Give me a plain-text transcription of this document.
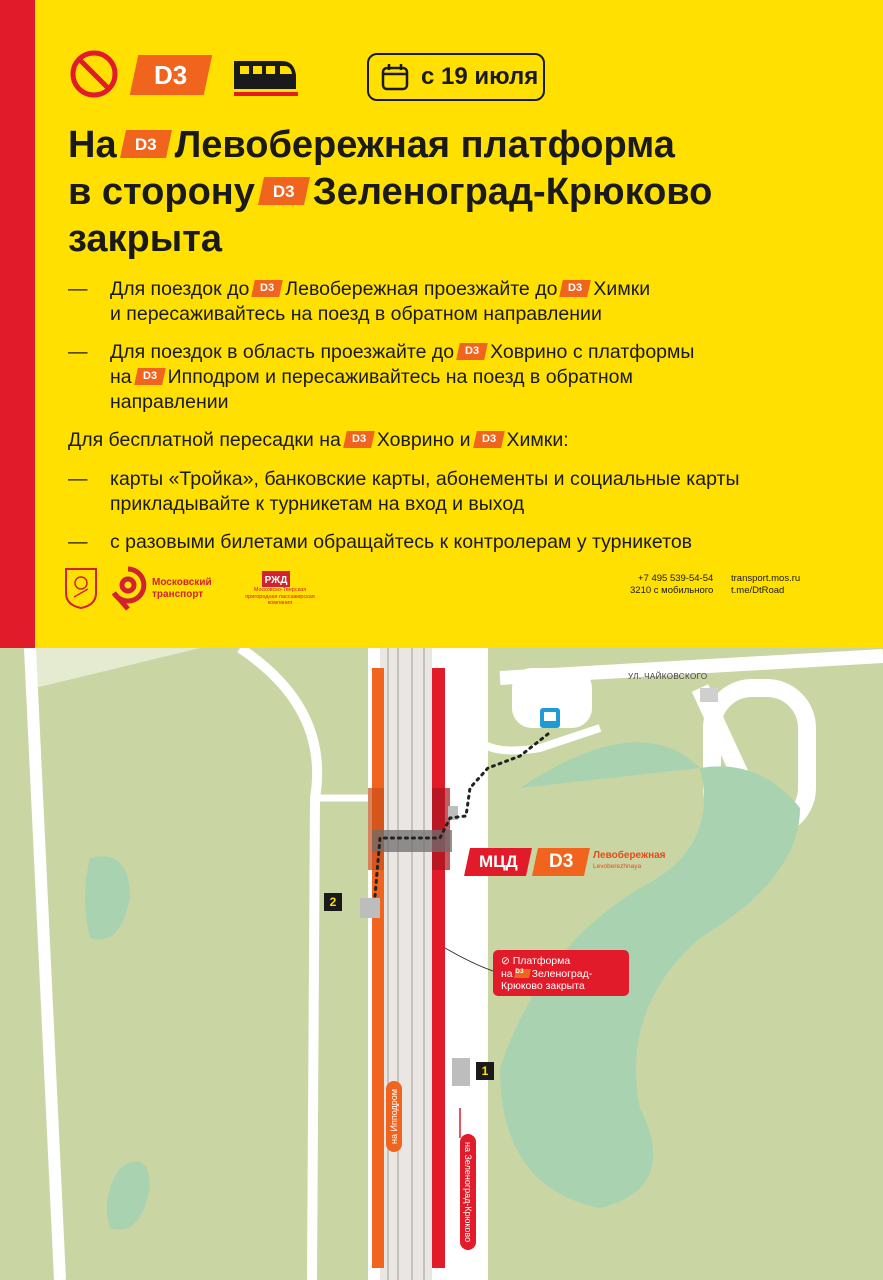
D3	с 19 июля
На D3 Левобережная платформа
в сторону D3 Зеленоград-Крюково
закрыта
— Для поездок до D3 Левобережная проезжайте до D3 Химки
и пересаживайтесь на поезд в обратном направлении
— Для поездок в область проезжайте до D3 Ховрино с платформы
на D3 Ипподром и пересаживайтесь на поезд в обратном
направлении
Для бесплатной пересадки на D3 Ховрино и D3 Химки:
— карты «Тройка», банковские карты, абонементы и социальные карты прикладывайте к турникетам на вход и выход
— с разовыми билетами обращайтесь к контролерам у турникетов
Московский
транспорт
РЖД
Московско-Тверская пригородная пассажирская компания
+7 495 539-54-54
3210 с мобильного
transport.mos.ru
t.me/DtRoad
УЛ. ЧАЙКОВСКОГО
МЦД D3 Левобережная
Levoberezhnaya
⊘ Платформа
на D3 Зеленоград-
Крюково закрыта
2
1
на Ипподром
на Зеленоград-Крюково
